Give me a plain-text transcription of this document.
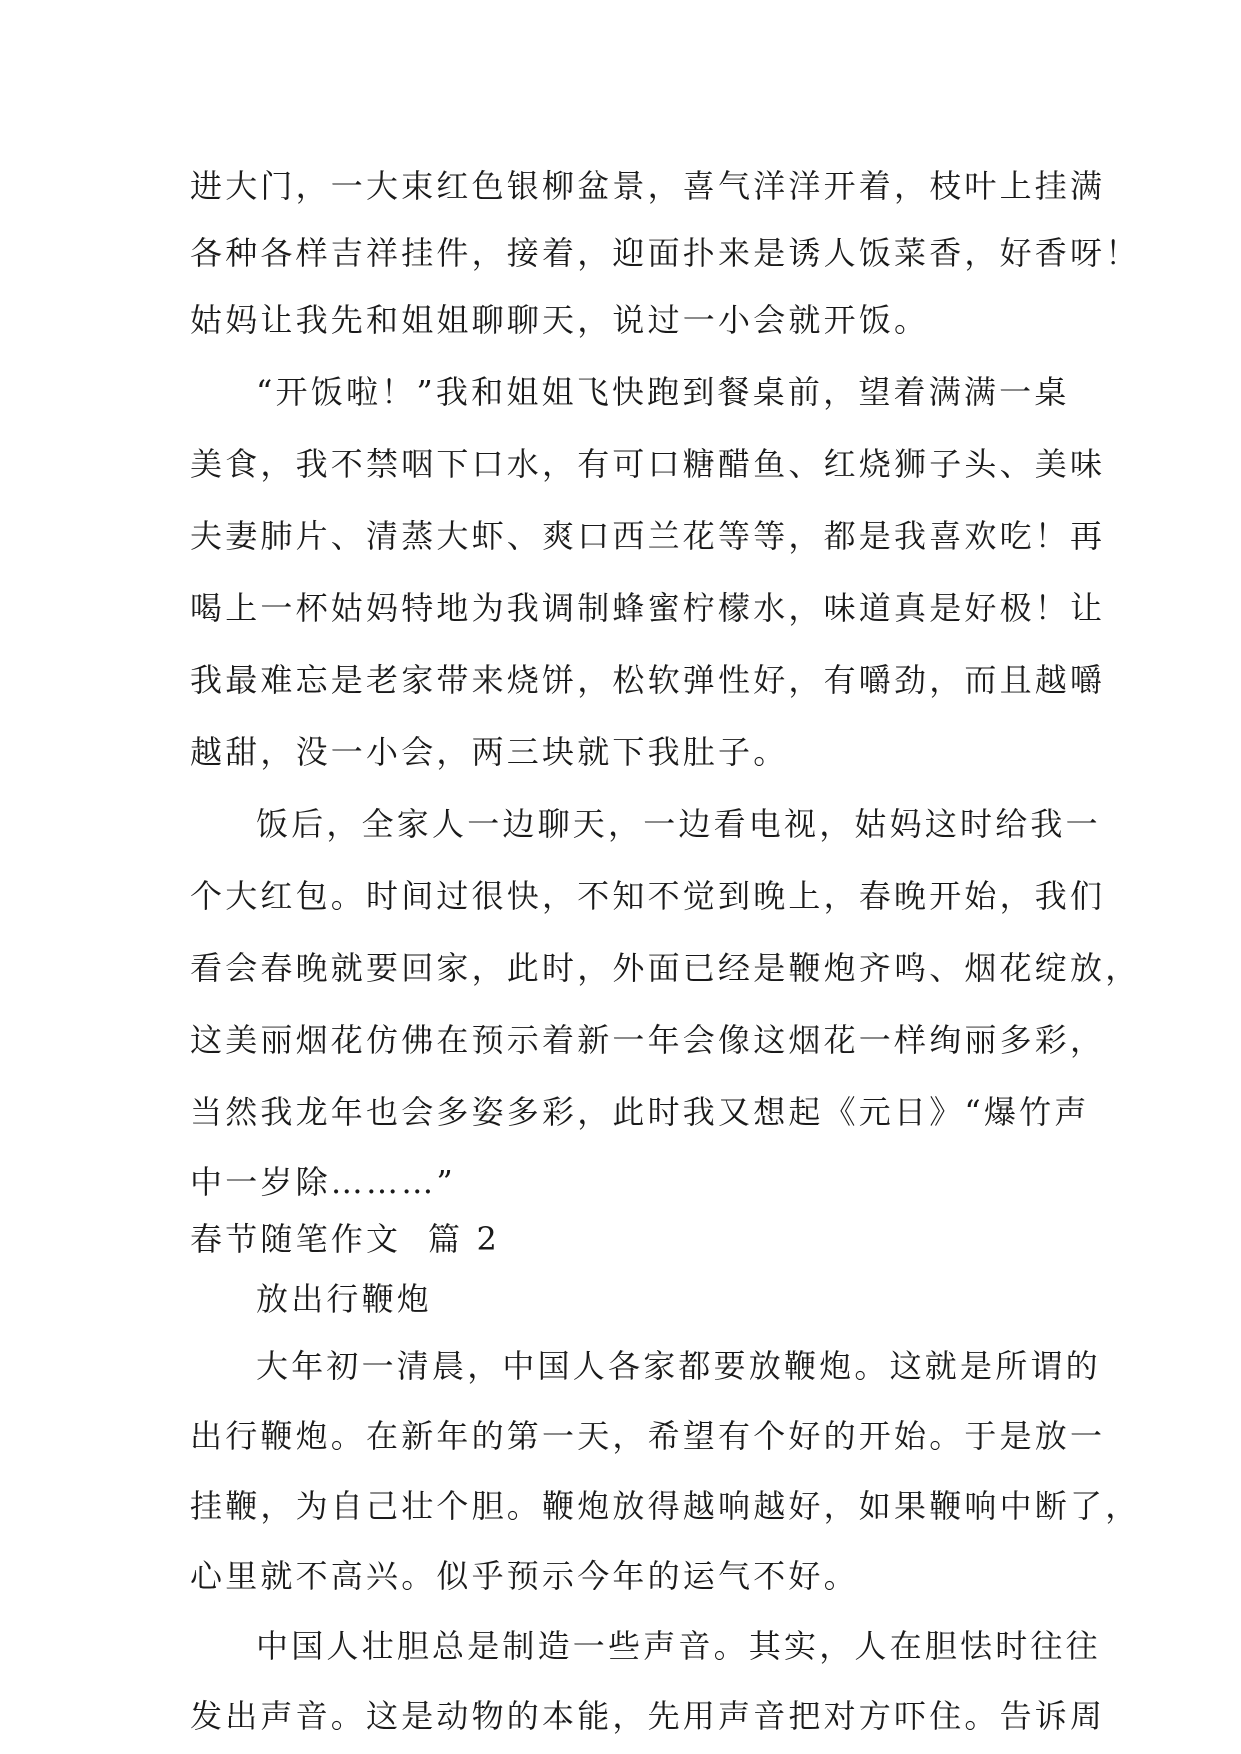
进大门，一大束红色银柳盆景，喜气洋洋开着，枝叶上挂满
各种各样吉祥挂件，接着，迎面扑来是诱人饭菜香，好香呀！
姑妈让我先和姐姐聊聊天，说过一小会就开饭。
“开饭啦！”我和姐姐飞快跑到餐桌前，望着满满一桌
美食，我不禁咽下口水，有可口糖醋鱼、红烧狮子头、美味
夫妻肺片、清蒸大虾、爽口西兰花等等，都是我喜欢吃！再
喝上一杯姑妈特地为我调制蜂蜜柠檬水，味道真是好极！让
我最难忘是老家带来烧饼，松软弹性好，有嚼劲，而且越嚼
越甜，没一小会，两三块就下我肚子。
饭后，全家人一边聊天，一边看电视，姑妈这时给我一
个大红包。时间过很快，不知不觉到晚上，春晚开始，我们
看会春晚就要回家，此时，外面已经是鞭炮齐鸣、烟花绽放，
这美丽烟花仿佛在预示着新一年会像这烟花一样绚丽多彩，
当然我龙年也会多姿多彩，此时我又想起《元日》“爆竹声
中一岁除………”
春节随笔作文  篇 2
放出行鞭炮
大年初一清晨，中国人各家都要放鞭炮。这就是所谓的
出行鞭炮。在新年的第一天，希望有个好的开始。于是放一
挂鞭，为自己壮个胆。鞭炮放得越响越好，如果鞭响中断了，
心里就不高兴。似乎预示今年的运气不好。
中国人壮胆总是制造一些声音。其实，人在胆怯时往往
发出声音。这是动物的本能，先用声音把对方吓住。告诉周
